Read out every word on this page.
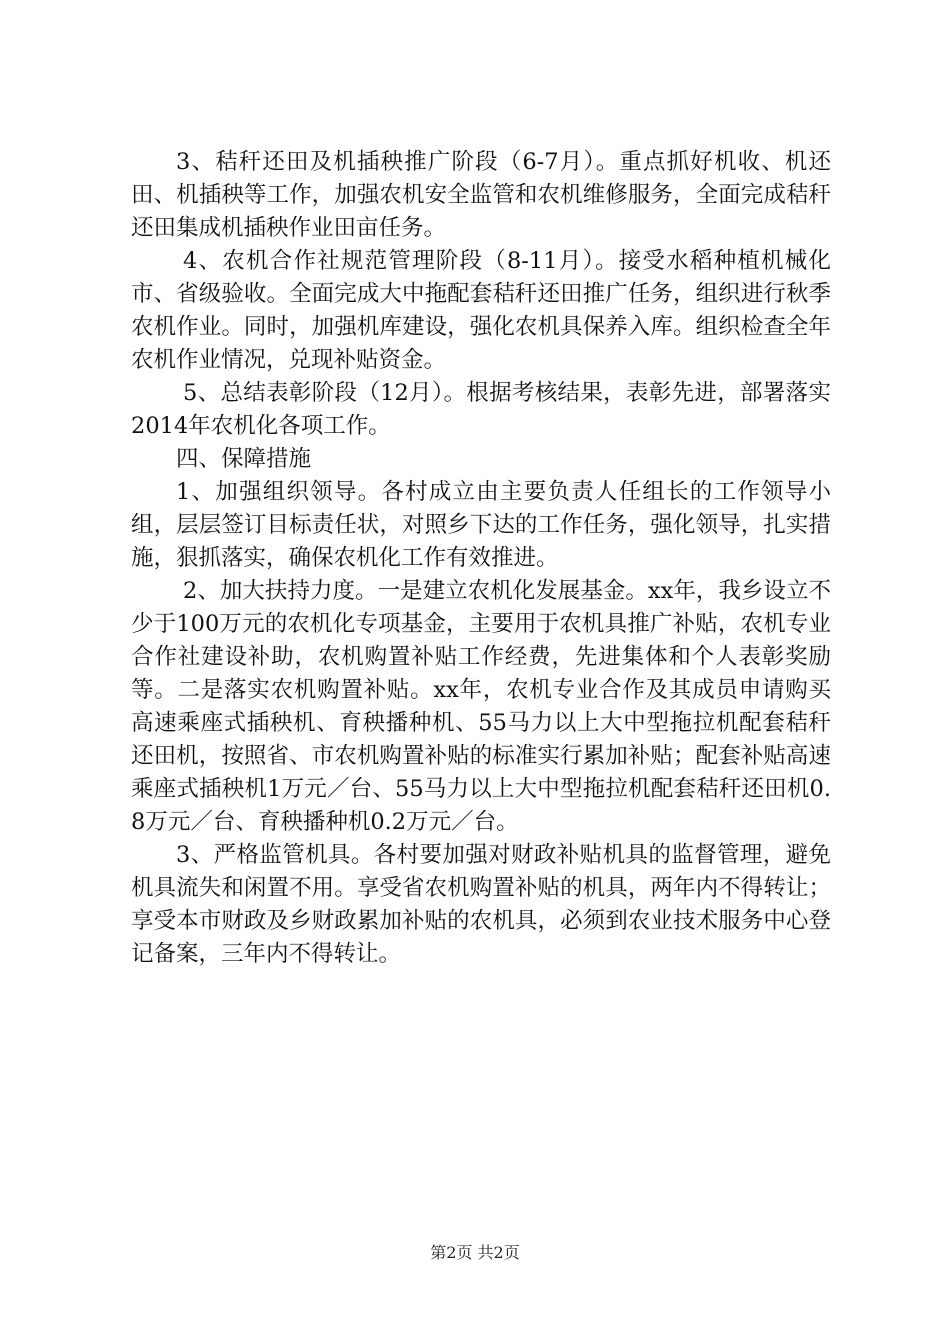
3、秸秆还田及机插秧推广阶段（6-7月）。重点抓好机收、机还田、机插秧等工作，加强农机安全监管和农机维修服务，全面完成秸秆还田集成机插秧作业田亩任务。

4、农机合作社规范管理阶段（8-11月）。接受水稻种植机械化市、省级验收。全面完成大中拖配套秸秆还田推广任务，组织进行秋季农机作业。同时，加强机库建设，强化农机具保养入库。组织检查全年农机作业情况，兑现补贴资金。

5、总结表彰阶段（12月）。根据考核结果，表彰先进，部署落实2014年农机化各项工作。

四、保障措施

1、加强组织领导。各村成立由主要负责人任组长的工作领导小组，层层签订目标责任状，对照乡下达的工作任务，强化领导，扎实措施，狠抓落实，确保农机化工作有效推进。

2、加大扶持力度。一是建立农机化发展基金。xx年，我乡设立不少于100万元的农机化专项基金，主要用于农机具推广补贴，农机专业合作社建设补助，农机购置补贴工作经费，先进集体和个人表彰奖励等。二是落实农机购置补贴。xx年，农机专业合作及其成员申请购买高速乘座式插秧机、育秧播种机、55马力以上大中型拖拉机配套秸秆还田机，按照省、市农机购置补贴的标准实行累加补贴；配套补贴高速乘座式插秧机1万元／台、55马力以上大中型拖拉机配套秸秆还田机0.8万元／台、育秧播种机0.2万元／台。

3、严格监管机具。各村要加强对财政补贴机具的监督管理，避免机具流失和闲置不用。享受省农机购置补贴的机具，两年内不得转让；享受本市财政及乡财政累加补贴的农机具，必须到农业技术服务中心登记备案，三年内不得转让。

第2页 共2页
